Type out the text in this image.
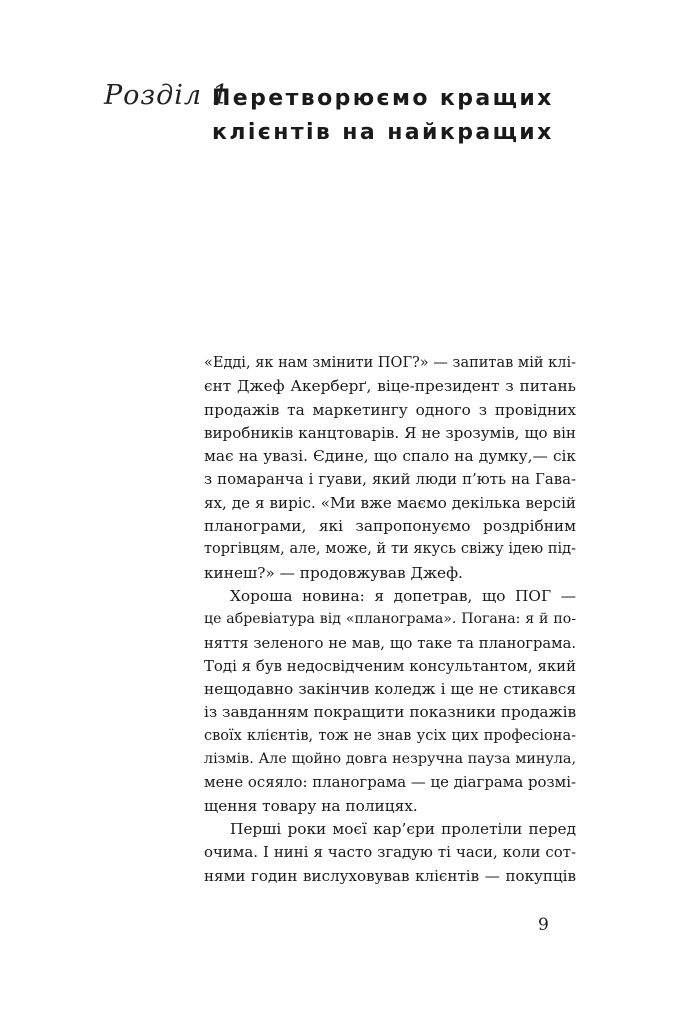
Розділ 1
Перетворюємо кращих
клієнтів на найкращих
«Едді, як нам змінити ПОГ?» — запитав мій клі-
єнт Джеф Акерберґ, віце-президент з питань
продажів та маркетингу одного з провідних
виробників канцтоварів. Я не зрозумів, що він
має на увазі. Єдине, що спало на думку,— сік
з помаранча і гуави, який люди п’ють на Гава-
ях, де я виріс. «Ми вже маємо декілька версій
планограми, які запропонуємо роздрібним
торгівцям, але, може, й ти якусь свіжу ідею під-
кинеш?» — продовжував Джеф.
Хороша новина: я допетрав, що ПОГ —
це абревіатура від «планограма». Погана: я й по-
няття зеленого не мав, що таке та планограма.
Тоді я був недосвідченим консультантом, який
нещодавно закінчив коледж і ще не стикався
із завданням покращити показники продажів
своїх клієнтів, тож не знав усіх цих професіона-
лізмів. Але щойно довга незручна пауза минула,
мене осяяло: планограма — це діаграма розмі-
щення товару на полицях.
Перші роки моєї кар’єри пролетіли перед
очима. І нині я часто згадую ті часи, коли сот-
нями годин вислуховував клієнтів — покупців
9
